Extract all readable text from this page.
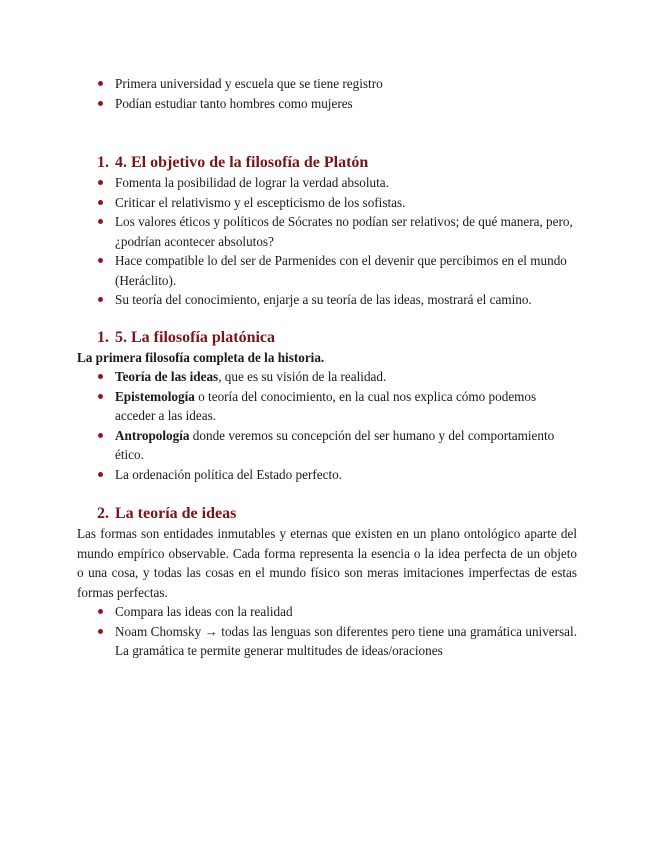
Primera universidad y escuela que se tiene registro
Podían estudiar tanto hombres como mujeres
1. 4. El objetivo de la filosofía de Platón
Fomenta la posibilidad de lograr la verdad absoluta.
Criticar el relativismo y el escepticismo de los sofistas.
Los valores éticos y políticos de Sócrates no podían ser relativos; de qué manera, pero, ¿podrían acontecer absolutos?
Hace compatible lo del ser de Parmenides con el devenir que percibimos en el mundo (Heráclito).
Su teoría del conocimiento, enjarje a su teoría de las ideas, mostrará el camino.
1. 5. La filosofía platónica
La primera filosofía completa de la historia.
Teoría de las ideas, que es su visión de la realidad.
Epistemología o teoría del conocimiento, en la cual nos explica cómo podemos acceder a las ideas.
Antropología donde veremos su concepción del ser humano y del comportamiento ético.
La ordenación política del Estado perfecto.
2. La teoría de ideas
Las formas son entidades inmutables y eternas que existen en un plano ontológico aparte del mundo empírico observable. Cada forma representa la esencia o la idea perfecta de un objeto o una cosa, y todas las cosas en el mundo físico son meras imitaciones imperfectas de estas formas perfectas.
Compara las ideas con la realidad
Noam Chomsky → todas las lenguas son diferentes pero tiene una gramática universal. La gramática te permite generar multitudes de ideas/oraciones
